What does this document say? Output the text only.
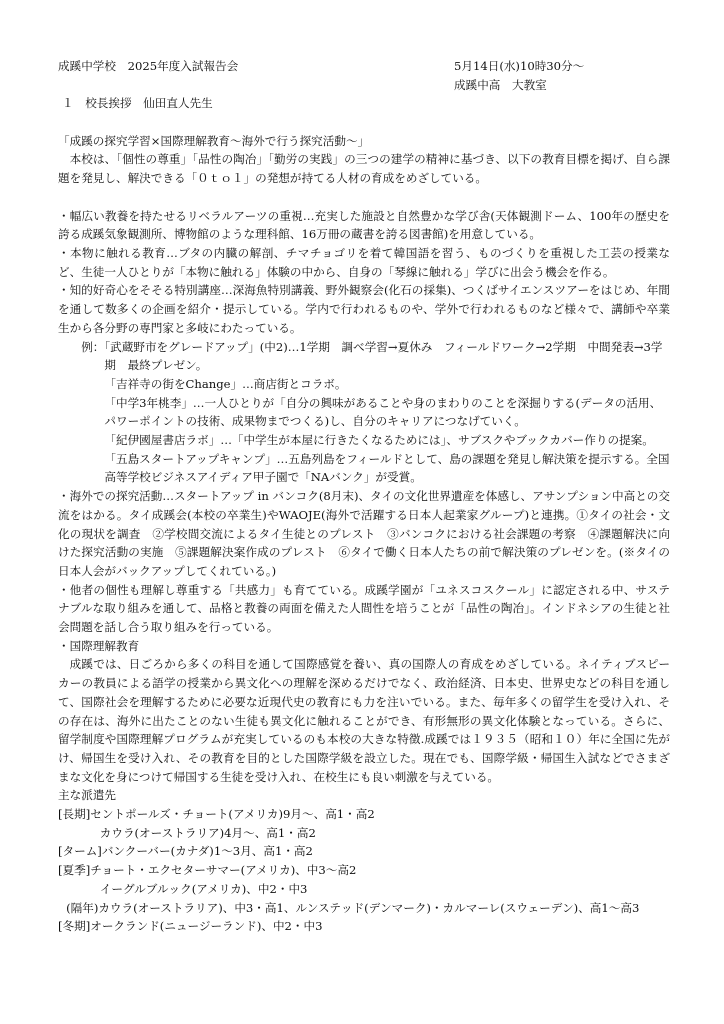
成蹊中学校　2025年度入試報告会	5月14日(水)10時30分～
成蹊中高　大教室
１　校長挨拶　仙田直人先生

「成蹊の探究学習×国際理解教育～海外で行う探究活動～」

本校は、「個性の尊重」「品性の陶冶」「勤労の実践」の三つの建学の精神に基づき、以下の教育目標を掲げ、自ら課題を発見し、解決できる「０ｔｏ１」の発想が持てる人材の育成をめざしている。

・幅広い教養を持たせるリベラルアーツの重視…充実した施設と自然豊かな学び舎(天体観測ドーム、100年の歴史を誇る成蹊気象観測所、博物館のような理科館、16万冊の蔵書を誇る図書館)を用意している。

・本物に触れる教育…ブタの内臓の解剖、チマチョゴリを着て韓国語を習う、ものづくりを重視した工芸の授業など、生徒一人ひとりが「本物に触れる」体験の中から、自身の「琴線に触れる」学びに出会う機会を作る。

・知的好奇心をそそる特別講座…深海魚特別講義、野外観察会(化石の採集)、つくばサイエンスツアーをはじめ、年間を通して数多くの企画を紹介・提示している。学内で行われるものや、学外で行われるものなど様々で、講師や卒業生から各分野の専門家と多岐にわたっている。

例：「武蔵野市をグレードアップ」(中2)…1学期　調べ学習→夏休み　フィールドワーク→2学期　中間発表→3学期　最終プレゼン。

「吉祥寺の街をChange」…商店街とコラボ。

「中学3年桃李」…一人ひとりが「自分の興味があることや身のまわりのことを深掘りする(データの活用、パワーポイントの技術、成果物までつくる)し、自分のキャリアにつなげていく。

「紀伊國屋書店ラボ」…「中学生が本屋に行きたくなるためには」、サブスクやブックカバー作りの提案。

「五島スタートアップキャンプ」…五島列島をフィールドとして、島の課題を発見し解決策を提示する。全国高等学校ビジネスアイディア甲子園で「NAバンク」が受賞。

・海外での探究活動…スタートアップ in バンコク(8月末)、タイの文化世界遺産を体感し、アサンプション中高との交流をはかる。タイ成蹊会(本校の卒業生)やWAOJE(海外で活躍する日本人起業家グループ)と連携。①タイの社会・文化の現状を調査　②学校間交流によるタイ生徒とのプレスト　③バンコクにおける社会課題の考察　④課題解決に向けた探究活動の実施　⑤課題解決案作成のプレスト　⑥タイで働く日本人たちの前で解決策のプレゼンを。(※タイの日本人会がバックアップしてくれている。)

・他者の個性も理解し尊重する「共感力」も育てている。成蹊学園が「ユネスコスクール」に認定される中、サステナブルな取り組みを通して、品格と教養の両面を備えた人間性を培うことが「品性の陶冶」。インドネシアの生徒と社会問題を話し合う取り組みを行っている。

・国際理解教育

成蹊では、日ごろから多くの科目を通して国際感覚を養い、真の国際人の育成をめざしている。ネイティブスピーカーの教員による語学の授業から異文化への理解を深めるだけでなく、政治経済、日本史、世界史などの科目を通して、国際社会を理解するために必要な近現代史の教育にも力を注いでいる。また、毎年多くの留学生を受け入れ、その存在は、海外に出たことのない生徒も異文化に触れることができ、有形無形の異文化体験となっている。さらに、留学制度や国際理解プログラムが充実しているのも本校の大きな特徴.成蹊では１９３５（昭和１０）年に全国に先がけ、帰国生を受け入れ、その教育を目的とした国際学級を設立した。現在でも、国際学級・帰国生入試などでさまざまな文化を身につけて帰国する生徒を受け入れ、在校生にも良い刺激を与えている。

主な派遣先

[長期]セントポールズ・チョート(アメリカ)9月～、高1・高2

カウラ(オーストラリア)4月～、高1・高2

[ターム]バンクーバー(カナダ)1～3月、高1・高2

[夏季]チョート・エクセターサマー(アメリカ)、中3～高2

イーグルブルック(アメリカ)、中2・中3

(隔年)カウラ(オーストラリア)、中3・高1、ルンステッド(デンマーク)・カルマーレ(スウェーデン)、高1～高3

[冬期]オークランド(ニュージーランド)、中2・中3
